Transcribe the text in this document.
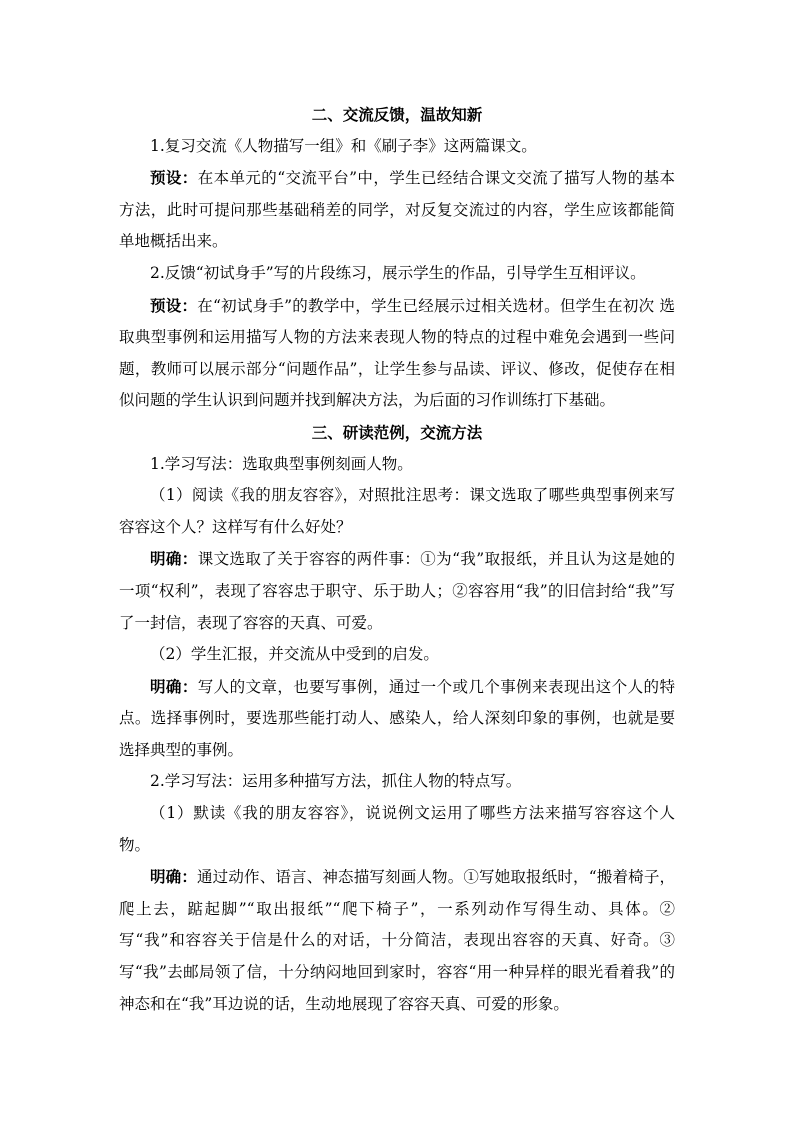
二、交流反馈，温故知新

1.复习交流《人物描写一组》和《刷子李》这两篇课文。

预设：在本单元的“交流平台”中，学生已经结合课文交流了描写人物的基本方法，此时可提问那些基础稍差的同学，对反复交流过的内容，学生应该都能简单地概括出来。

2.反馈“初试身手”写的片段练习，展示学生的作品，引导学生互相评议。

预设：在“初试身手”的教学中，学生已经展示过相关选材。但学生在初次 选取典型事例和运用描写人物的方法来表现人物的特点的过程中难免会遇到一些问题，教师可以展示部分“问题作品”，让学生参与品读、评议、修改，促使存在相似问题的学生认识到问题并找到解决方法，为后面的习作训练打下基础。

三、研读范例，交流方法

1.学习写法：选取典型事例刻画人物。

（1）阅读《我的朋友容容》，对照批注思考：课文选取了哪些典型事例来写容容这个人？这样写有什么好处？

明确：课文选取了关于容容的两件事：①为“我”取报纸，并且认为这是她的一项“权利”，表现了容容忠于职守、乐于助人；②容容用“我”的旧信封给“我”写了一封信，表现了容容的天真、可爱。

（2）学生汇报，并交流从中受到的启发。

明确：写人的文章，也要写事例，通过一个或几个事例来表现出这个人的特点。选择事例时，要选那些能打动人、感染人，给人深刻印象的事例，也就是要选择典型的事例。

2.学习写法：运用多种描写方法，抓住人物的特点写。

（1）默读《我的朋友容容》，说说例文运用了哪些方法来描写容容这个人物。

明确：通过动作、语言、神态描写刻画人物。①写她取报纸时，“搬着椅子，爬上去，踮起脚”“取出报纸”“爬下椅子”，一系列动作写得生动、具体。②写“我”和容容关于信是什么的对话，十分简洁，表现出容容的天真、好奇。③写“我”去邮局领了信，十分纳闷地回到家时，容容“用一种异样的眼光看着我”的神态和在“我”耳边说的话，生动地展现了容容天真、可爱的形象。
